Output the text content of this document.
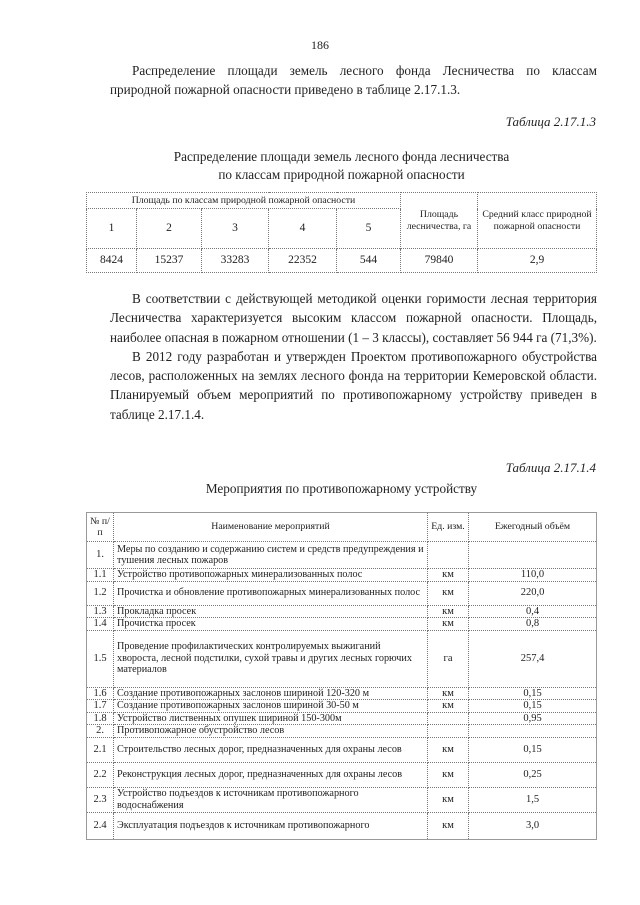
186

Распределение площади земель лесного фонда Лесничества по классам природной пожарной опасности приведено в таблице 2.17.1.3.

Таблица 2.17.1.3
Распределение площади земель лесного фонда лесничества
по классам природной пожарной опасности
Площадь по классам природной пожарной опасности					Площадь лесничества, га	Средний класс природной пожарной опасности
1	2	3	4	5		
8424	15237	33283	22352	544	79840	2,9

В соответствии с действующей методикой оценки горимости лесная территория Лесничества характеризуется высоким классом пожарной опасности. Площадь, наиболее опасная в пожарном отношении (1 – 3 классы), составляет 56 944 га (71,3%).

В 2012 году разработан и утвержден Проектом противопожарного обустройства лесов, расположенных на землях лесного фонда на территории Кемеровской области. Планируемый объем мероприятий по противопожарному устройству приведен в таблице 2.17.1.4.

Таблица 2.17.1.4
Мероприятия по противопожарному устройству
№ п/п	Наименование мероприятий	Ед. изм.	Ежегодный объём
1.	Меры по созданию и содержанию систем и средств предупреждения и тушения лесных пожаров		
1.1	Устройство противопожарных минерализованных полос	км	110,0
1.2	Прочистка и обновление противопожарных минерализованных полос	км	220,0
1.3	Прокладка просек	км	0,4
1.4	Прочистка просек	км	0,8
1.5	Проведение профилактических контролируемых выжиганий хвороста, лесной подстилки, сухой травы и других лесных горючих материалов	га	257,4
1.6	Создание противопожарных заслонов шириной 120-320 м	км	0,15
1.7	Создание противопожарных заслонов шириной 30-50 м	км	0,15
1.8	Устройство лиственных опушек шириной 150-300м		0,95
2.	Противопожарное обустройство лесов		
2.1	Строительство лесных дорог, предназначенных для охраны лесов	км	0,15
2.2	Реконструкция лесных дорог, предназначенных для охраны лесов	км	0,25
2.3	Устройство подъездов к источникам противопожарного водоснабжения	км	1,5
2.4	Эксплуатация подъездов к источникам противопожарного	км	3,0
